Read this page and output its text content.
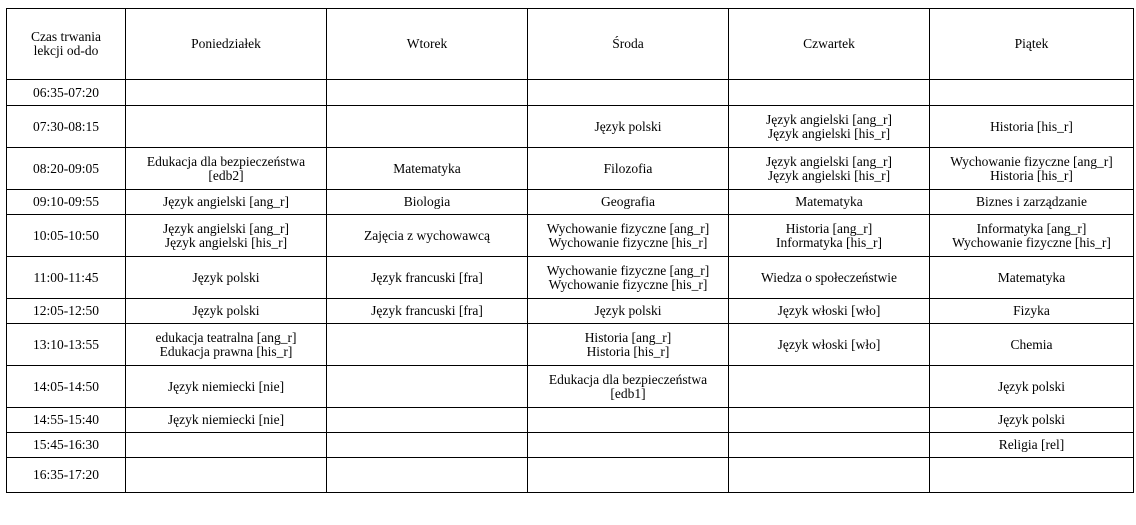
Czas trwania
lekcji od-do	Poniedziałek	Wtorek	Środa	Czwartek	Piątek
06:35-07:20					
07:30-08:15			Język polski	Język angielski [ang_r]
Język angielski [his_r]	Historia [his_r]

08:20-09:05	Edukacja dla bezpieczeństwa
[edb2]	Matematyka	Filozofia	Język angielski [ang_r]
Język angielski [his_r]	Wychowanie fizyczne [ang_r]
Historia [his_r]

09:10-09:55	Język angielski [ang_r]	Biologia	Geografia	Matematyka	Biznes i zarządzanie

10:05-10:50	Język angielski [ang_r]
Język angielski [his_r]	Zajęcia z wychowawcą	Wychowanie fizyczne [ang_r]
Wychowanie fizyczne [his_r]	Historia [ang_r]
Informatyka [his_r]	Informatyka [ang_r]
Wychowanie fizyczne [his_r]

11:00-11:45	Język polski	Język francuski [fra]	Wychowanie fizyczne [ang_r]
Wychowanie fizyczne [his_r]	Wiedza o społeczeństwie	Matematyka

12:05-12:50	Język polski	Język francuski [fra]	Język polski	Język włoski [wło]	Fizyka

13:10-13:55	edukacja teatralna [ang_r]
Edukacja prawna [his_r]		Historia [ang_r]
Historia [his_r]	Język włoski [wło]	Chemia

14:05-14:50	Język niemiecki [nie]		Edukacja dla bezpieczeństwa
[edb1]		Język polski

14:55-15:40	Język niemiecki [nie]				Język polski

15:45-16:30					Religia [rel]

16:35-17:20					
